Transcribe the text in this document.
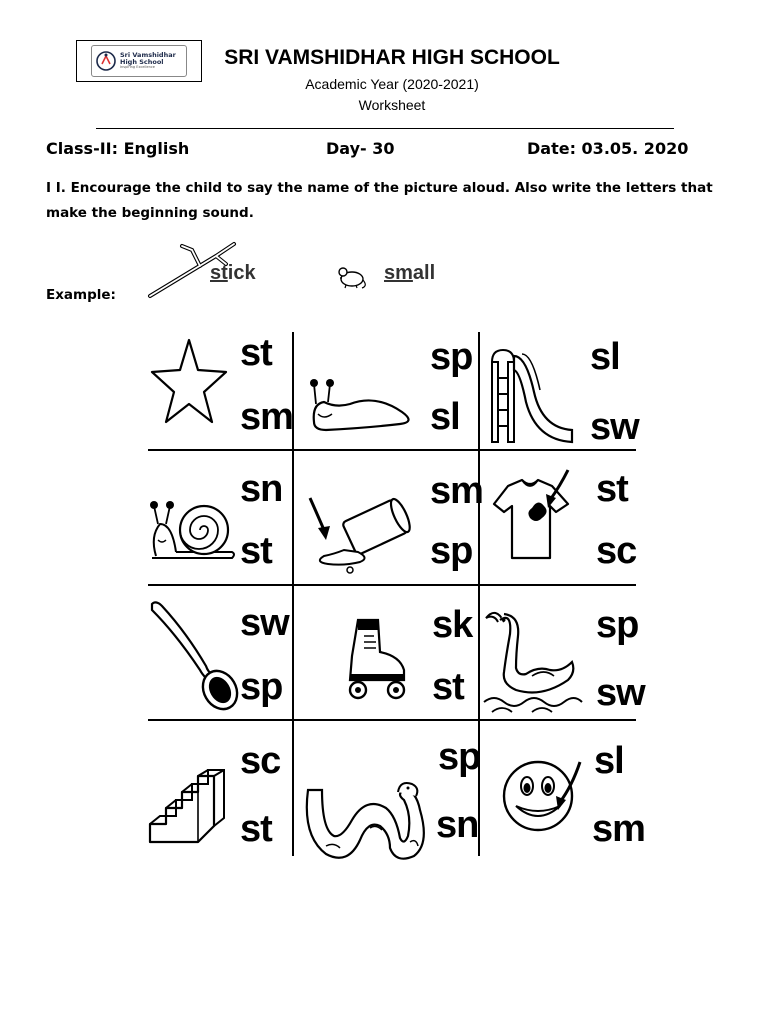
Sri Vamshidhar
High School
Inspiring Excellence	SRI VAMSHIDHAR HIGH SCHOOL
Academic Year (2020-2021)
Worksheet
Class-II: English	Day- 30	Date: 03.05. 2020
I I. Encourage the child to say the name of the picture aloud. Also write the letters that make the beginning sound.
Example:
stick	small
st
sm
sp
sl
sl
sw
sn
st
sm
sp
st
sc
sw
sp
sk
st
sp
sw
sc
st
sp
sn
sl
sm
